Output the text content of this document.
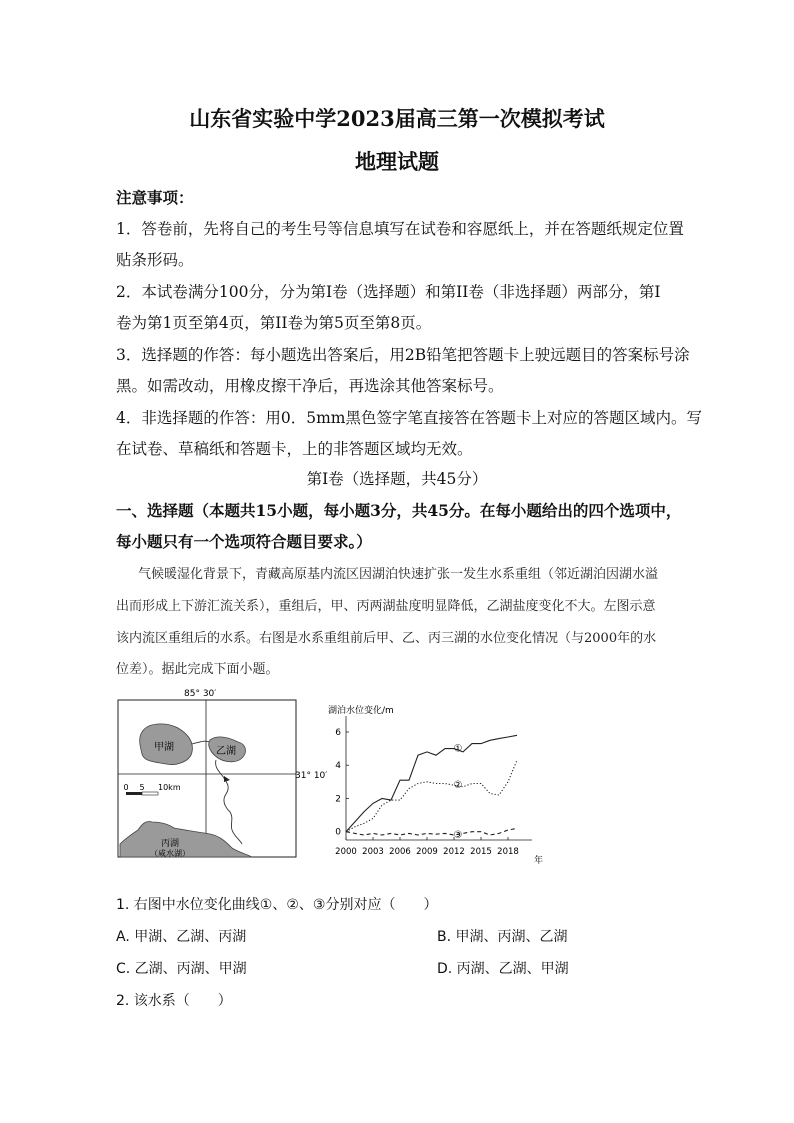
山东省实验中学2023届高三第一次模拟考试
地理试题
注意事项：
1．答卷前，先将自己的考生号等信息填写在试卷和容愿纸上，并在答题纸规定位置
贴条形码。
2．本试卷满分100分，分为第Ⅰ卷（选择题）和第II卷（非选择题）两部分，第Ⅰ
卷为第1页至第4页，第II卷为第5页至第8页。
3．选择题的作答：每小题选出答案后，用2B铅笔把答题卡上驶远题目的答案标号涂
黑。如需改动，用橡皮擦干净后，再选涂其他答案标号。
4．非选择题的作答：用0．5mm黑色签字笔直接答在答题卡上对应的答题区域内。写
在试卷、草稿纸和答题卡，上的非答题区域均无效。
第Ⅰ卷（选择题，共45分）
一、选择题（本题共15小题，每小题3分，共45分。在每小题给出的四个选项中，
每小题只有一个选项符合题目要求。）
气候暖湿化背景下，青藏高原基内流区因湖泊快速扩张一发生水系重组（邻近湖泊因湖水溢
出而形成上下游汇流关系），重组后，甲、丙两湖盐度明显降低，乙湖盐度变化不大。左图示意
该内流区重组后的水系。右图是水系重组前后甲、乙、丙三湖的水位变化情况（与2000年的水
位差）。据此完成下面小题。
85° 30′
31° 10′
甲湖	乙湖
0 5 10km
丙湖
（咸水湖）
湖泊水位变化/m
0
2
4
6
2000 2003 2006 2009 2012 2015 2018
①
②
③
年
1. 右图中水位变化曲线①、②、③分别对应（　　）
A. 甲湖、乙湖、丙湖	B. 甲湖、丙湖、乙湖
C. 乙湖、丙湖、甲湖	D. 丙湖、乙湖、甲湖
2. 该水系（　　）
